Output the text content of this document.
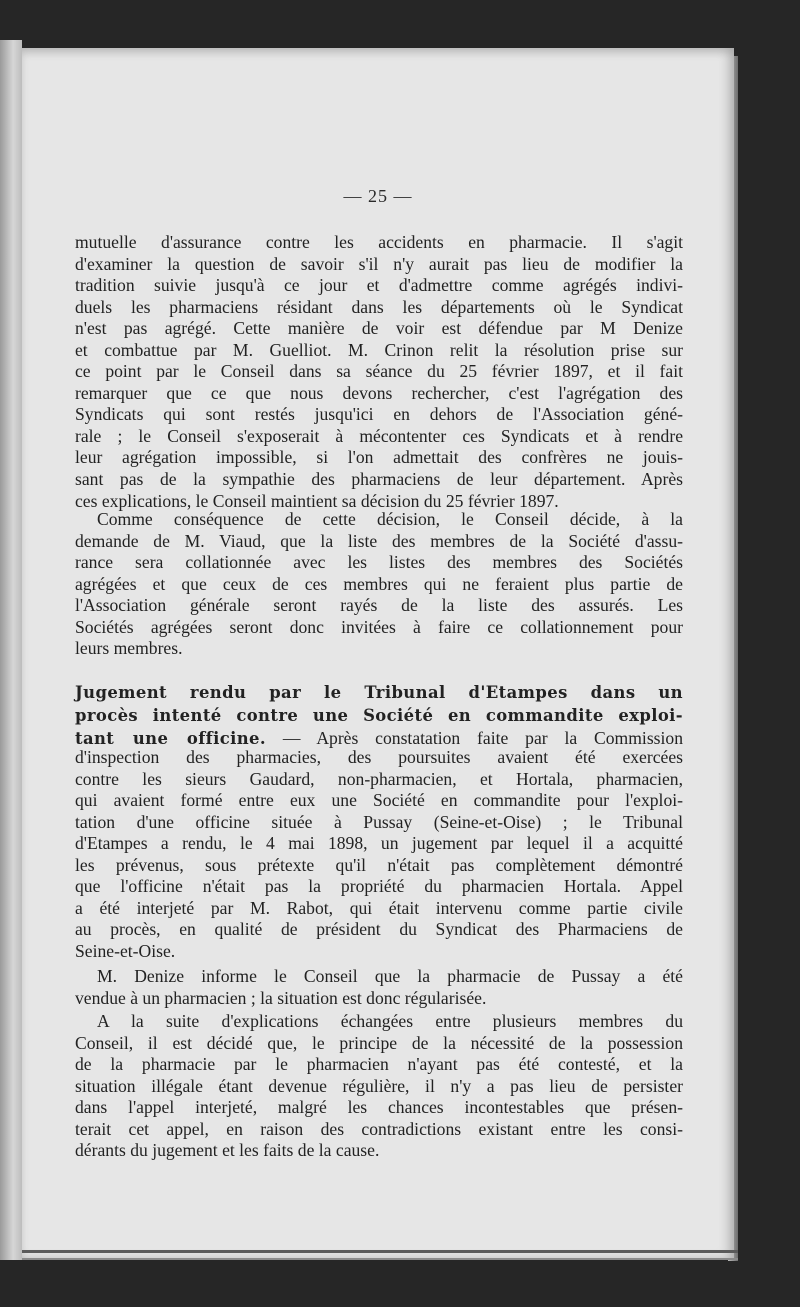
— 25 —
mutuelle d'assurance contre les accidents en pharmacie. Il s'agit
d'examiner la question de savoir s'il n'y aurait pas lieu de modifier la
tradition suivie jusqu'à ce jour et d'admettre comme agrégés indivi-
duels les pharmaciens résidant dans les départements où le Syndicat
n'est pas agrégé. Cette manière de voir est défendue par M Denize
et combattue par M. Guelliot. M. Crinon relit la résolution prise sur
ce point par le Conseil dans sa séance du 25 février 1897, et il fait
remarquer que ce que nous devons rechercher, c'est l'agrégation des
Syndicats qui sont restés jusqu'ici en dehors de l'Association géné-
rale ; le Conseil s'exposerait à mécontenter ces Syndicats et à rendre
leur agrégation impossible, si l'on admettait des confrères ne jouis-
sant pas de la sympathie des pharmaciens de leur département. Après
ces explications, le Conseil maintient sa décision du 25 février 1897.
Comme conséquence de cette décision, le Conseil décide, à la
demande de M. Viaud, que la liste des membres de la Société d'assu-
rance sera collationnée avec les listes des membres des Sociétés
agrégées et que ceux de ces membres qui ne feraient plus partie de
l'Association générale seront rayés de la liste des assurés. Les
Sociétés agrégées seront donc invitées à faire ce collationnement pour
leurs membres.
Jugement rendu par le Tribunal d'Etampes dans un
procès intenté contre une Société en commandite exploi-
tant une officine. — Après constatation faite par la Commission
d'inspection des pharmacies, des poursuites avaient été exercées
contre les sieurs Gaudard, non-pharmacien, et Hortala, pharmacien,
qui avaient formé entre eux une Société en commandite pour l'exploi-
tation d'une officine située à Pussay (Seine-et-Oise) ; le Tribunal
d'Etampes a rendu, le 4 mai 1898, un jugement par lequel il a acquitté
les prévenus, sous prétexte qu'il n'était pas complètement démontré
que l'officine n'était pas la propriété du pharmacien Hortala. Appel
a été interjeté par M. Rabot, qui était intervenu comme partie civile
au procès, en qualité de président du Syndicat des Pharmaciens de
Seine-et-Oise.
M. Denize informe le Conseil que la pharmacie de Pussay a été
vendue à un pharmacien ; la situation est donc régularisée.
A la suite d'explications échangées entre plusieurs membres du
Conseil, il est décidé que, le principe de la nécessité de la possession
de la pharmacie par le pharmacien n'ayant pas été contesté, et la
situation illégale étant devenue régulière, il n'y a pas lieu de persister
dans l'appel interjeté, malgré les chances incontestables que présen-
terait cet appel, en raison des contradictions existant entre les consi-
dérants du jugement et les faits de la cause.
